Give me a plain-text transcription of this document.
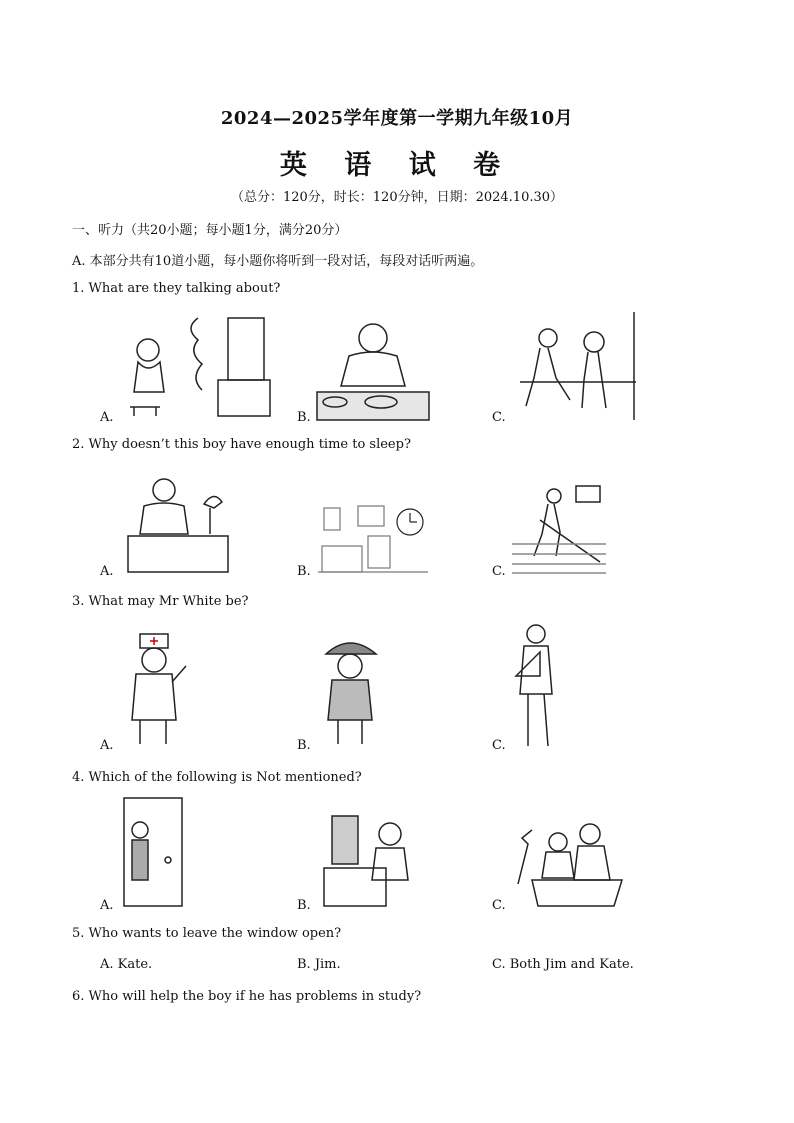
2024—2025学年度第一学期九年级10月
英 语 试 卷
（总分：120分，时长：120分钟，日期：2024.10.30）
一、听力（共20小题；每小题1分，满分20分）
A. 本部分共有10道小题，每小题你将听到一段对话，每段对话听两遍。
1. What are they talking about?
A.	B.	C.
2. Why doesn’t this boy have enough time to sleep?
A.	B.	C.
3. What may Mr White be?
A.	B.	C.
4. Which of the following is Not mentioned?
A.	B.	C.
5. Who wants to leave the window open?
A. Kate.	B. Jim.	C. Both Jim and Kate.
6. Who will help the boy if he has problems in study?
